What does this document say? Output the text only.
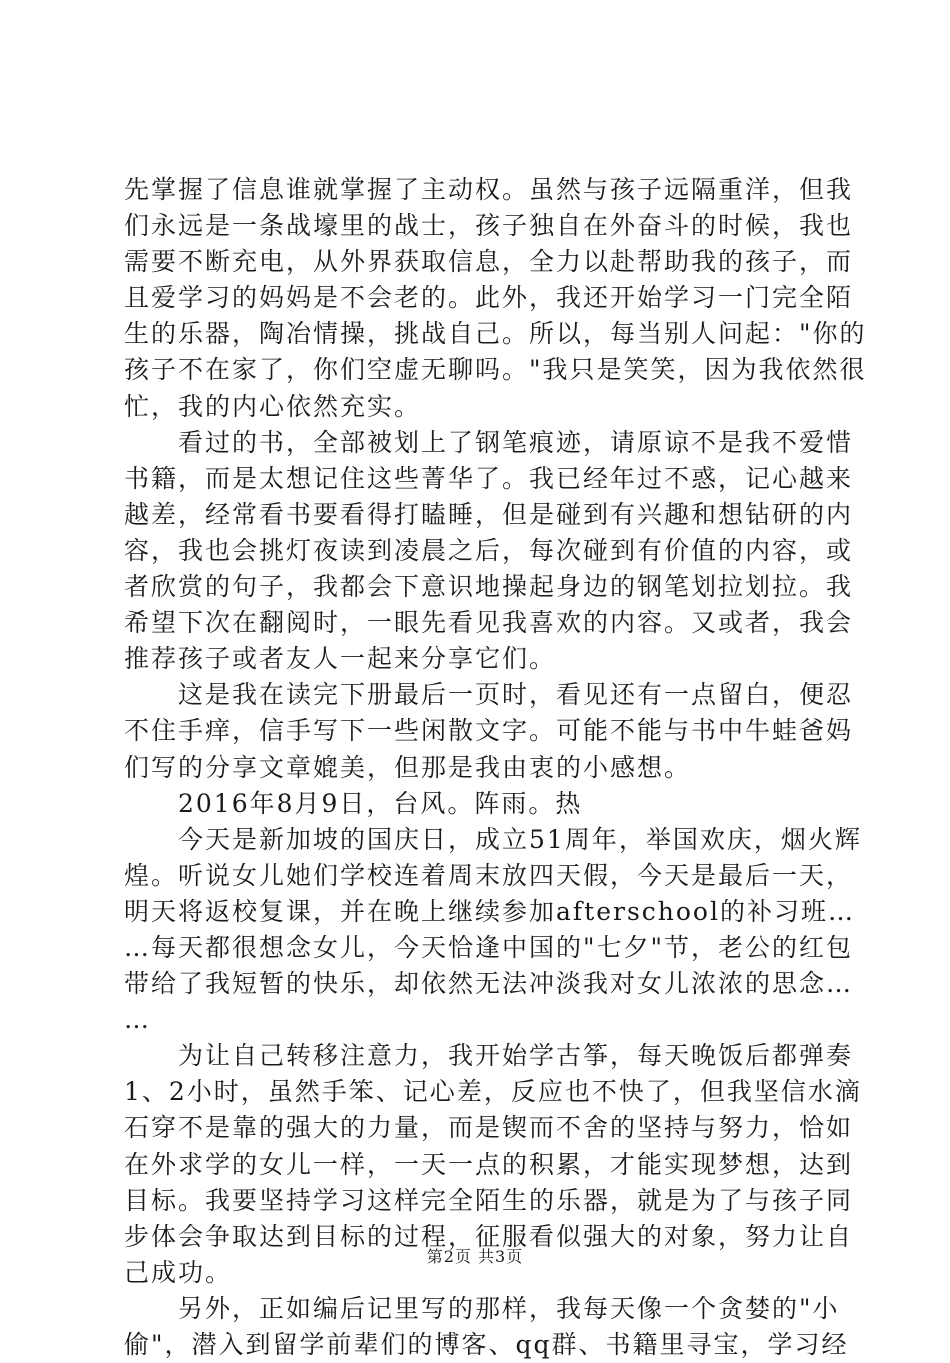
先掌握了信息谁就掌握了主动权。虽然与孩子远隔重洋，但我
们永远是一条战壕里的战士，孩子独自在外奋斗的时候，我也
需要不断充电，从外界获取信息，全力以赴帮助我的孩子，而
且爱学习的妈妈是不会老的。此外，我还开始学习一门完全陌
生的乐器，陶冶情操，挑战自己。所以，每当别人问起："你的
孩子不在家了，你们空虚无聊吗。"我只是笑笑，因为我依然很
忙，我的内心依然充实。
　　看过的书，全部被划上了钢笔痕迹，请原谅不是我不爱惜
书籍，而是太想记住这些菁华了。我已经年过不惑，记心越来
越差，经常看书要看得打瞌睡，但是碰到有兴趣和想钻研的内
容，我也会挑灯夜读到凌晨之后，每次碰到有价值的内容，或
者欣赏的句子，我都会下意识地操起身边的钢笔划拉划拉。我
希望下次在翻阅时，一眼先看见我喜欢的内容。又或者，我会
推荐孩子或者友人一起来分享它们。
　　这是我在读完下册最后一页时，看见还有一点留白，便忍
不住手痒，信手写下一些闲散文字。可能不能与书中牛蛙爸妈
们写的分享文章媲美，但那是我由衷的小感想。
　　2016年8月9日，台风。阵雨。热
　　今天是新加坡的国庆日，成立51周年，举国欢庆，烟火辉
煌。听说女儿她们学校连着周末放四天假，今天是最后一天，
明天将返校复课，并在晚上继续参加afterschool的补习班…
…每天都很想念女儿，今天恰逢中国的"七夕"节，老公的红包
带给了我短暂的快乐，却依然无法冲淡我对女儿浓浓的思念…
…
　　为让自己转移注意力，我开始学古筝，每天晚饭后都弹奏
1、2小时，虽然手笨、记心差，反应也不快了，但我坚信水滴
石穿不是靠的强大的力量，而是锲而不舍的坚持与努力，恰如
在外求学的女儿一样，一天一点的积累，才能实现梦想，达到
目标。我要坚持学习这样完全陌生的乐器，就是为了与孩子同
步体会争取达到目标的过程，征服看似强大的对象，努力让自
己成功。
　　另外，正如编后记里写的那样，我每天像一个贪婪的"小
偷"，潜入到留学前辈们的博客、qq群、书籍里寻宝，学习经
第2页 共3页
